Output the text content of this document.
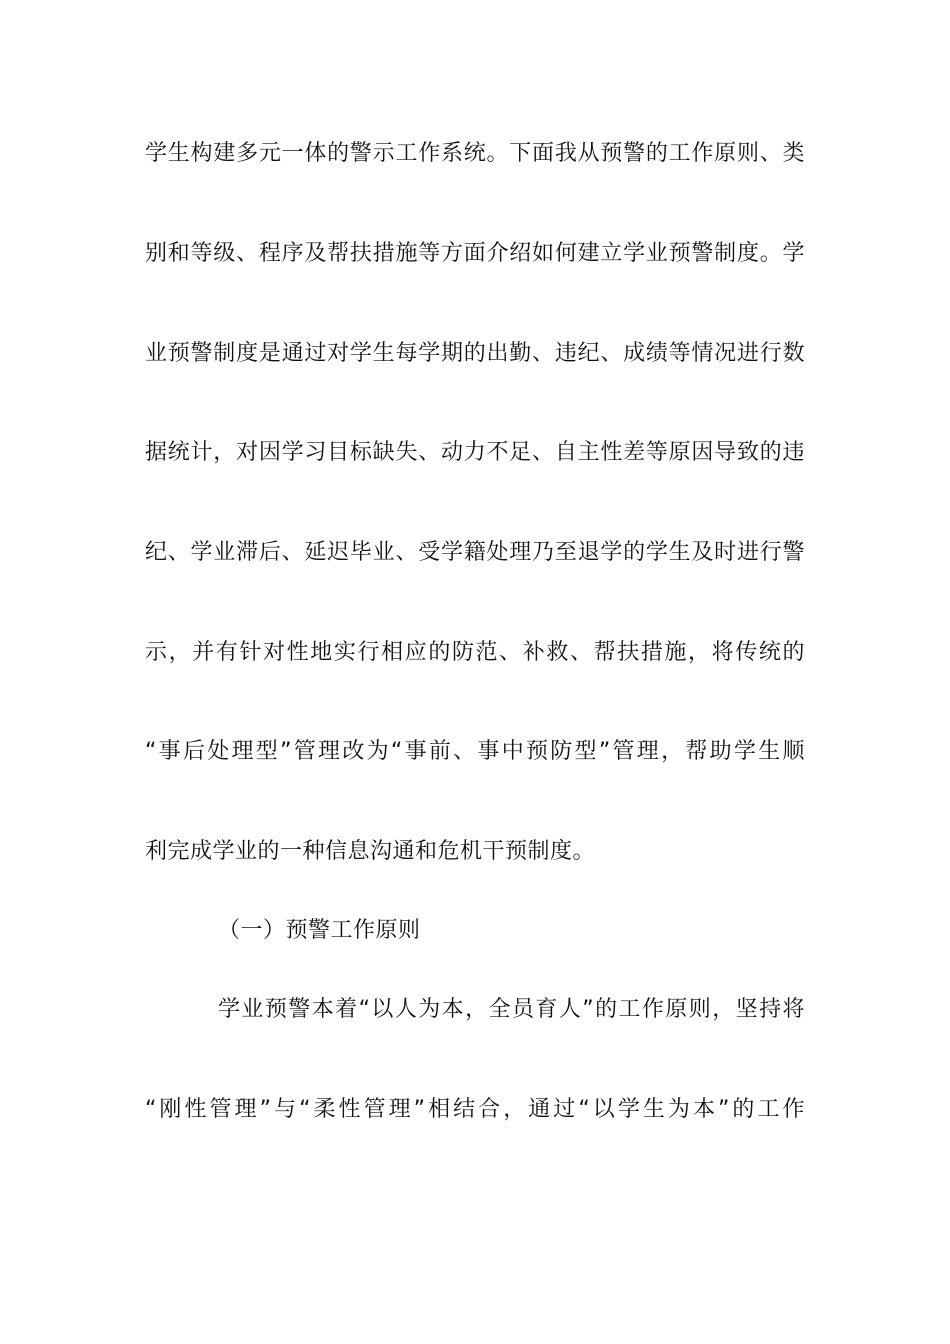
学生构建多元一体的警示工作系统。下面我从预警的工作原则、类
别和等级、程序及帮扶措施等方面介绍如何建立学业预警制度。学
业预警制度是通过对学生每学期的出勤、违纪、成绩等情况进行数
据统计，对因学习目标缺失、动力不足、自主性差等原因导致的违
纪、学业滞后、延迟毕业、受学籍处理乃至退学的学生及时进行警
示，并有针对性地实行相应的防范、补救、帮扶措施，将传统的
“事后处理型”管理改为“事前、事中预防型”管理，帮助学生顺
利完成学业的一种信息沟通和危机干预制度。
（一）预警工作原则
学业预警本着“以人为本，全员育人”的工作原则，坚持将
“刚性管理”与“柔性管理”相结合，通过“以学生为本”的工作
